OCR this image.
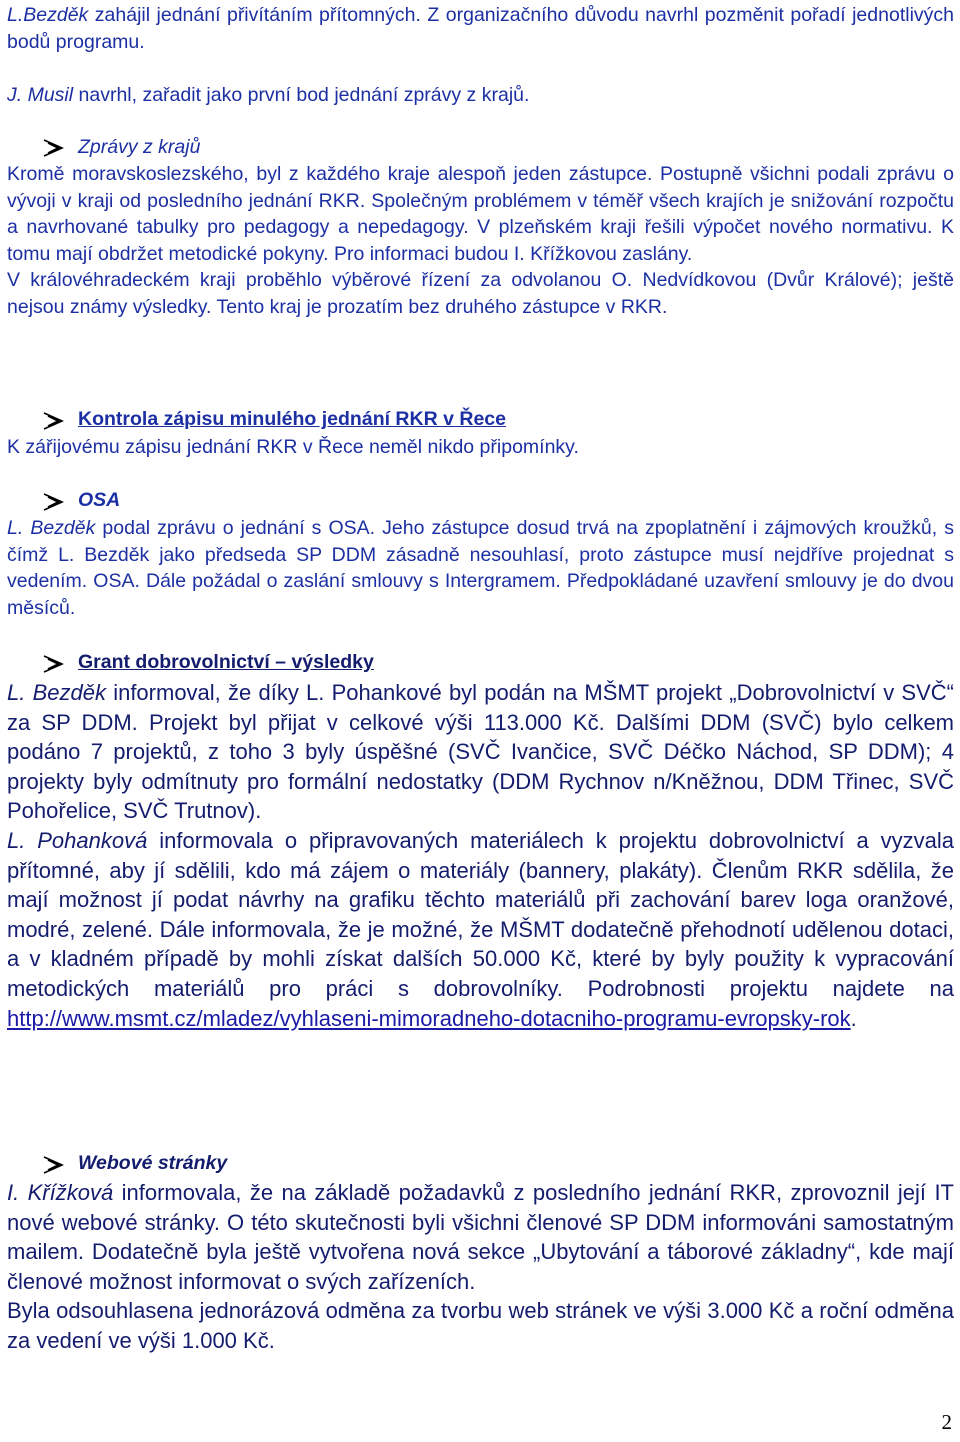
L.Bezděk zahájil jednání přivítáním přítomných. Z organizačního důvodu navrhl pozměnit pořadí jednotlivých bodů programu.

J. Musil navrhl, zařadit jako první bod jednání zprávy z krajů.

Zprávy z krajů

Kromě moravskoslezského, byl z každého kraje alespoň jeden zástupce. Postupně všichni podali zprávu o vývoji v kraji od posledního jednání RKR. Společným problémem v téměř všech krajích je snižování rozpočtu a navrhované tabulky pro pedagogy a nepedagogy. V plzeňském kraji řešili výpočet nového normativu. K tomu mají obdržet metodické pokyny. Pro informaci budou I. Křížkovou zaslány.

V královéhradeckém kraji proběhlo výběrové řízení za odvolanou O. Nedvídkovou (Dvůr Králové); ještě nejsou známy výsledky. Tento kraj je prozatím bez druhého zástupce v RKR.

Kontrola zápisu minulého jednání RKR v Řece

K zářijovému zápisu jednání RKR v Řece neměl nikdo připomínky.

OSA

L. Bezděk podal zprávu o jednání s OSA. Jeho zástupce dosud trvá na zpoplatnění i zájmových kroužků, s čímž L. Bezděk jako předseda SP DDM zásadně nesouhlasí, proto zástupce musí nejdříve projednat s vedením. OSA. Dále požádal o zaslání smlouvy s Intergramem. Předpokládané uzavření smlouvy je do dvou měsíců.

Grant dobrovolnictví – výsledky

L. Bezděk informoval, že díky L. Pohankové byl podán na MŠMT projekt „Dobrovolnictví v SVČ“ za SP DDM. Projekt byl přijat v celkové výši 113.000 Kč. Dalšími DDM (SVČ) bylo celkem podáno 7 projektů, z toho 3 byly úspěšné (SVČ Ivančice, SVČ Déčko Náchod, SP DDM); 4 projekty byly odmítnuty pro formální nedostatky (DDM Rychnov n/Kněžnou, DDM Třinec, SVČ Pohořelice, SVČ Trutnov).

L. Pohanková informovala o připravovaných materiálech k projektu dobrovolnictví a vyzvala přítomné, aby jí sdělili, kdo má zájem o materiály (bannery, plakáty). Členům RKR sdělila, že mají možnost jí podat návrhy na grafiku těchto materiálů při zachování barev loga oranžové, modré, zelené. Dále informovala, že je možné, že MŠMT dodatečně přehodnotí udělenou dotaci, a v kladném případě by mohli získat dalších 50.000 Kč, které by byly použity k vypracování metodických materiálů pro práci s dobrovolníky. Podrobnosti projektu najdete na http://www.msmt.cz/mladez/vyhlaseni-mimoradneho-dotacniho-programu-evropsky-rok.

Webové stránky

I. Křížková informovala, že na základě požadavků z posledního jednání RKR, zprovoznil její IT nové webové stránky. O této skutečnosti byli všichni členové SP DDM informováni samostatným mailem. Dodatečně byla ještě vytvořena nová sekce „Ubytování a táborové základny“, kde mají členové možnost informovat o svých zařízeních.

Byla odsouhlasena jednorázová odměna za tvorbu web stránek ve výši 3.000 Kč a roční odměna za vedení ve výši 1.000 Kč.

2
